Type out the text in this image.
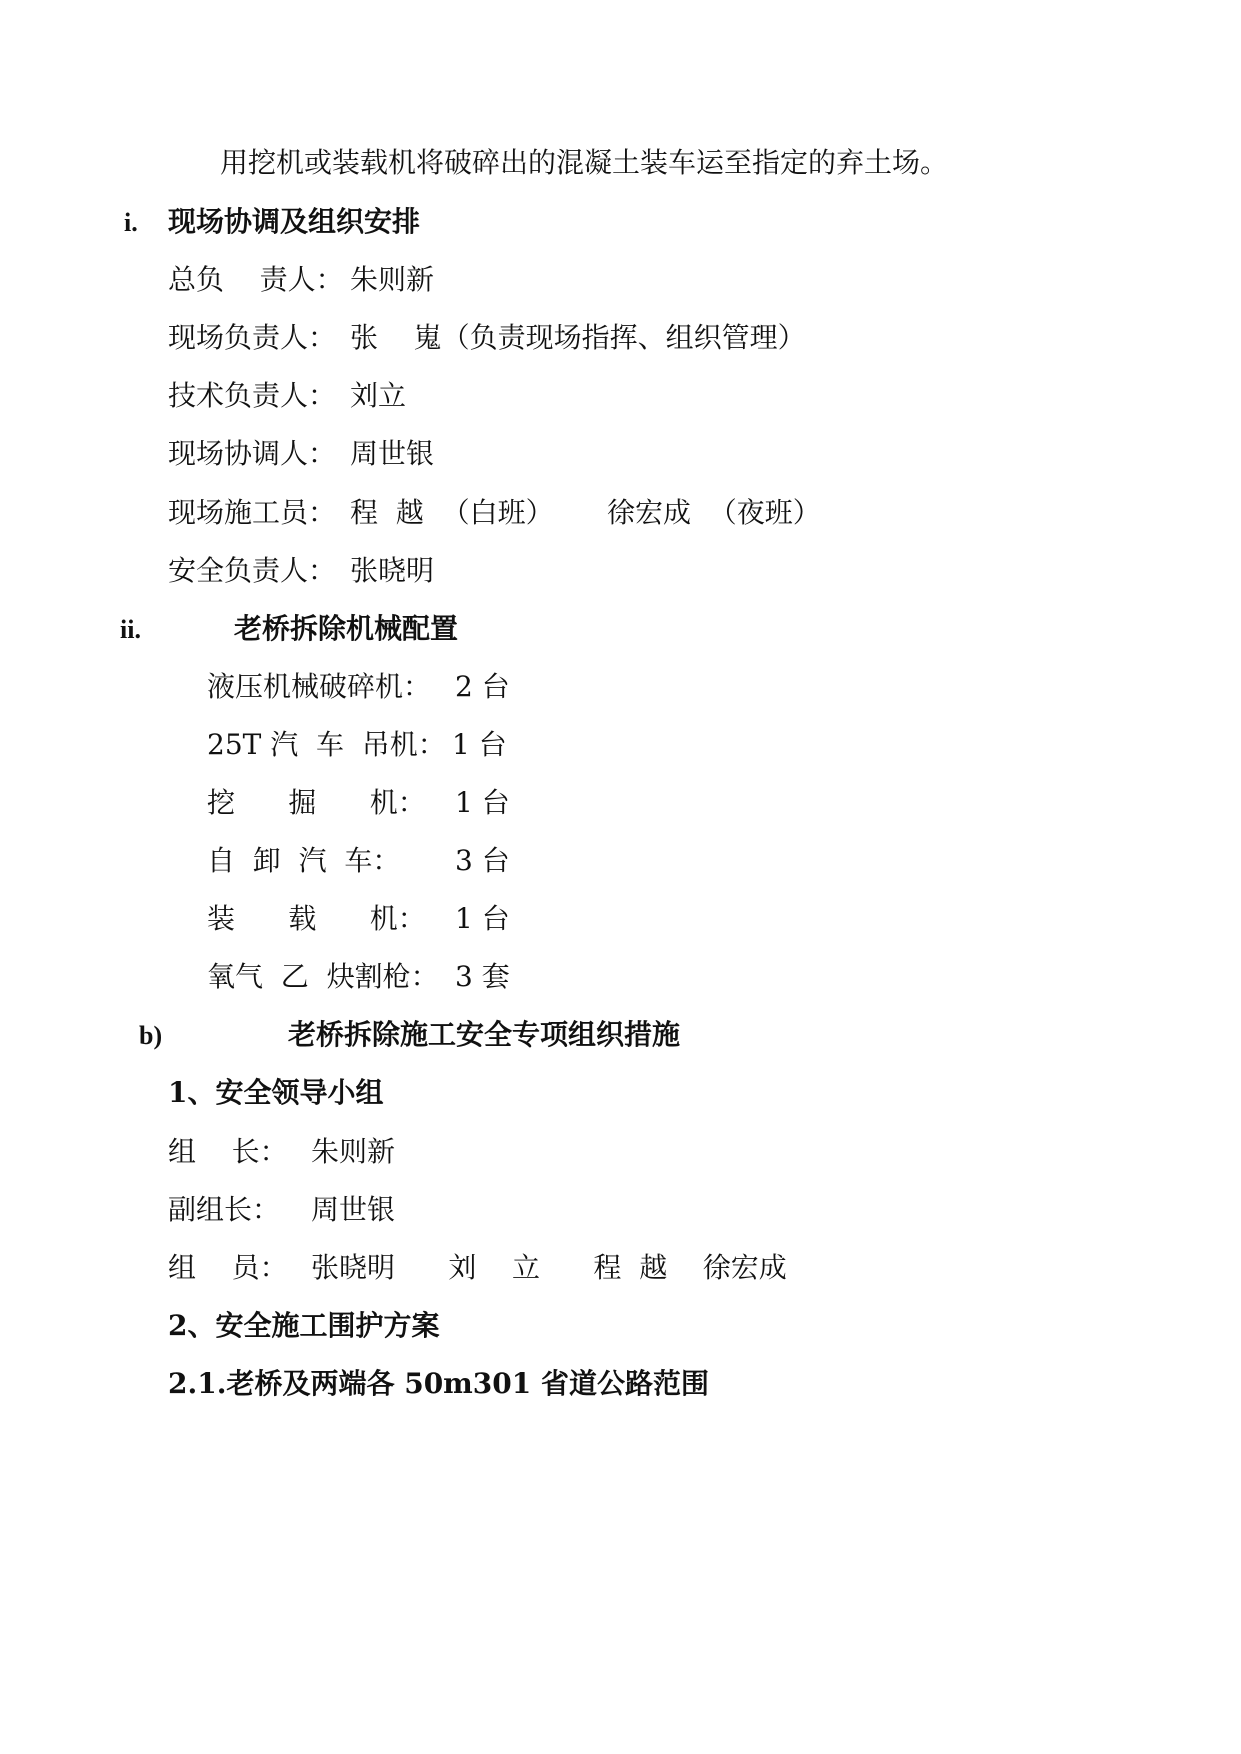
用挖机或装载机将破碎出的混凝土装车运至指定的弃土场。
i. 现场协调及组织安排
总负    责人： 朱则新
现场负责人： 张    嵬（负责现场指挥、组织管理）
技术负责人： 刘立
现场协调人： 周世银
现场施工员： 程  越  （白班）      徐宏成  （夜班）
安全负责人： 张晓明
ii.	老桥拆除机械配置
液压机械破碎机： 2 台
25T 汽  车  吊机： 1 台
挖      掘      机： 1 台
自  卸  汽  车： 3 台
装      载      机： 1 台
氧气  乙  炔割枪： 3 套
b)	老桥拆除施工安全专项组织措施
1、安全领导小组
组    长： 朱则新
副组长： 周世银
组    员： 张晓明      刘    立      程  越    徐宏成
2、安全施工围护方案
2.1.老桥及两端各 50m301 省道公路范围
